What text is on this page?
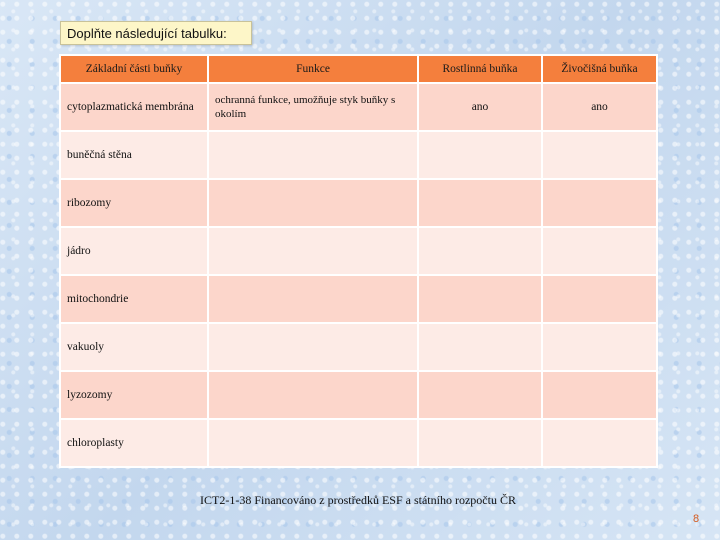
Doplňte následující tabulku:
Základní části buňky	Funkce	Rostlinná buňka	Živočišná buňka
cytoplazmatická membrána	ochranná funkce, umožňuje styk buňky s okolím	ano	ano
buněčná stěna			
ribozomy			
jádro			
mitochondrie			
vakuoly			
lyzozomy			
chloroplasty			
ICT2-1-38 Financováno z prostředků ESF a státního rozpočtu ČR
8
